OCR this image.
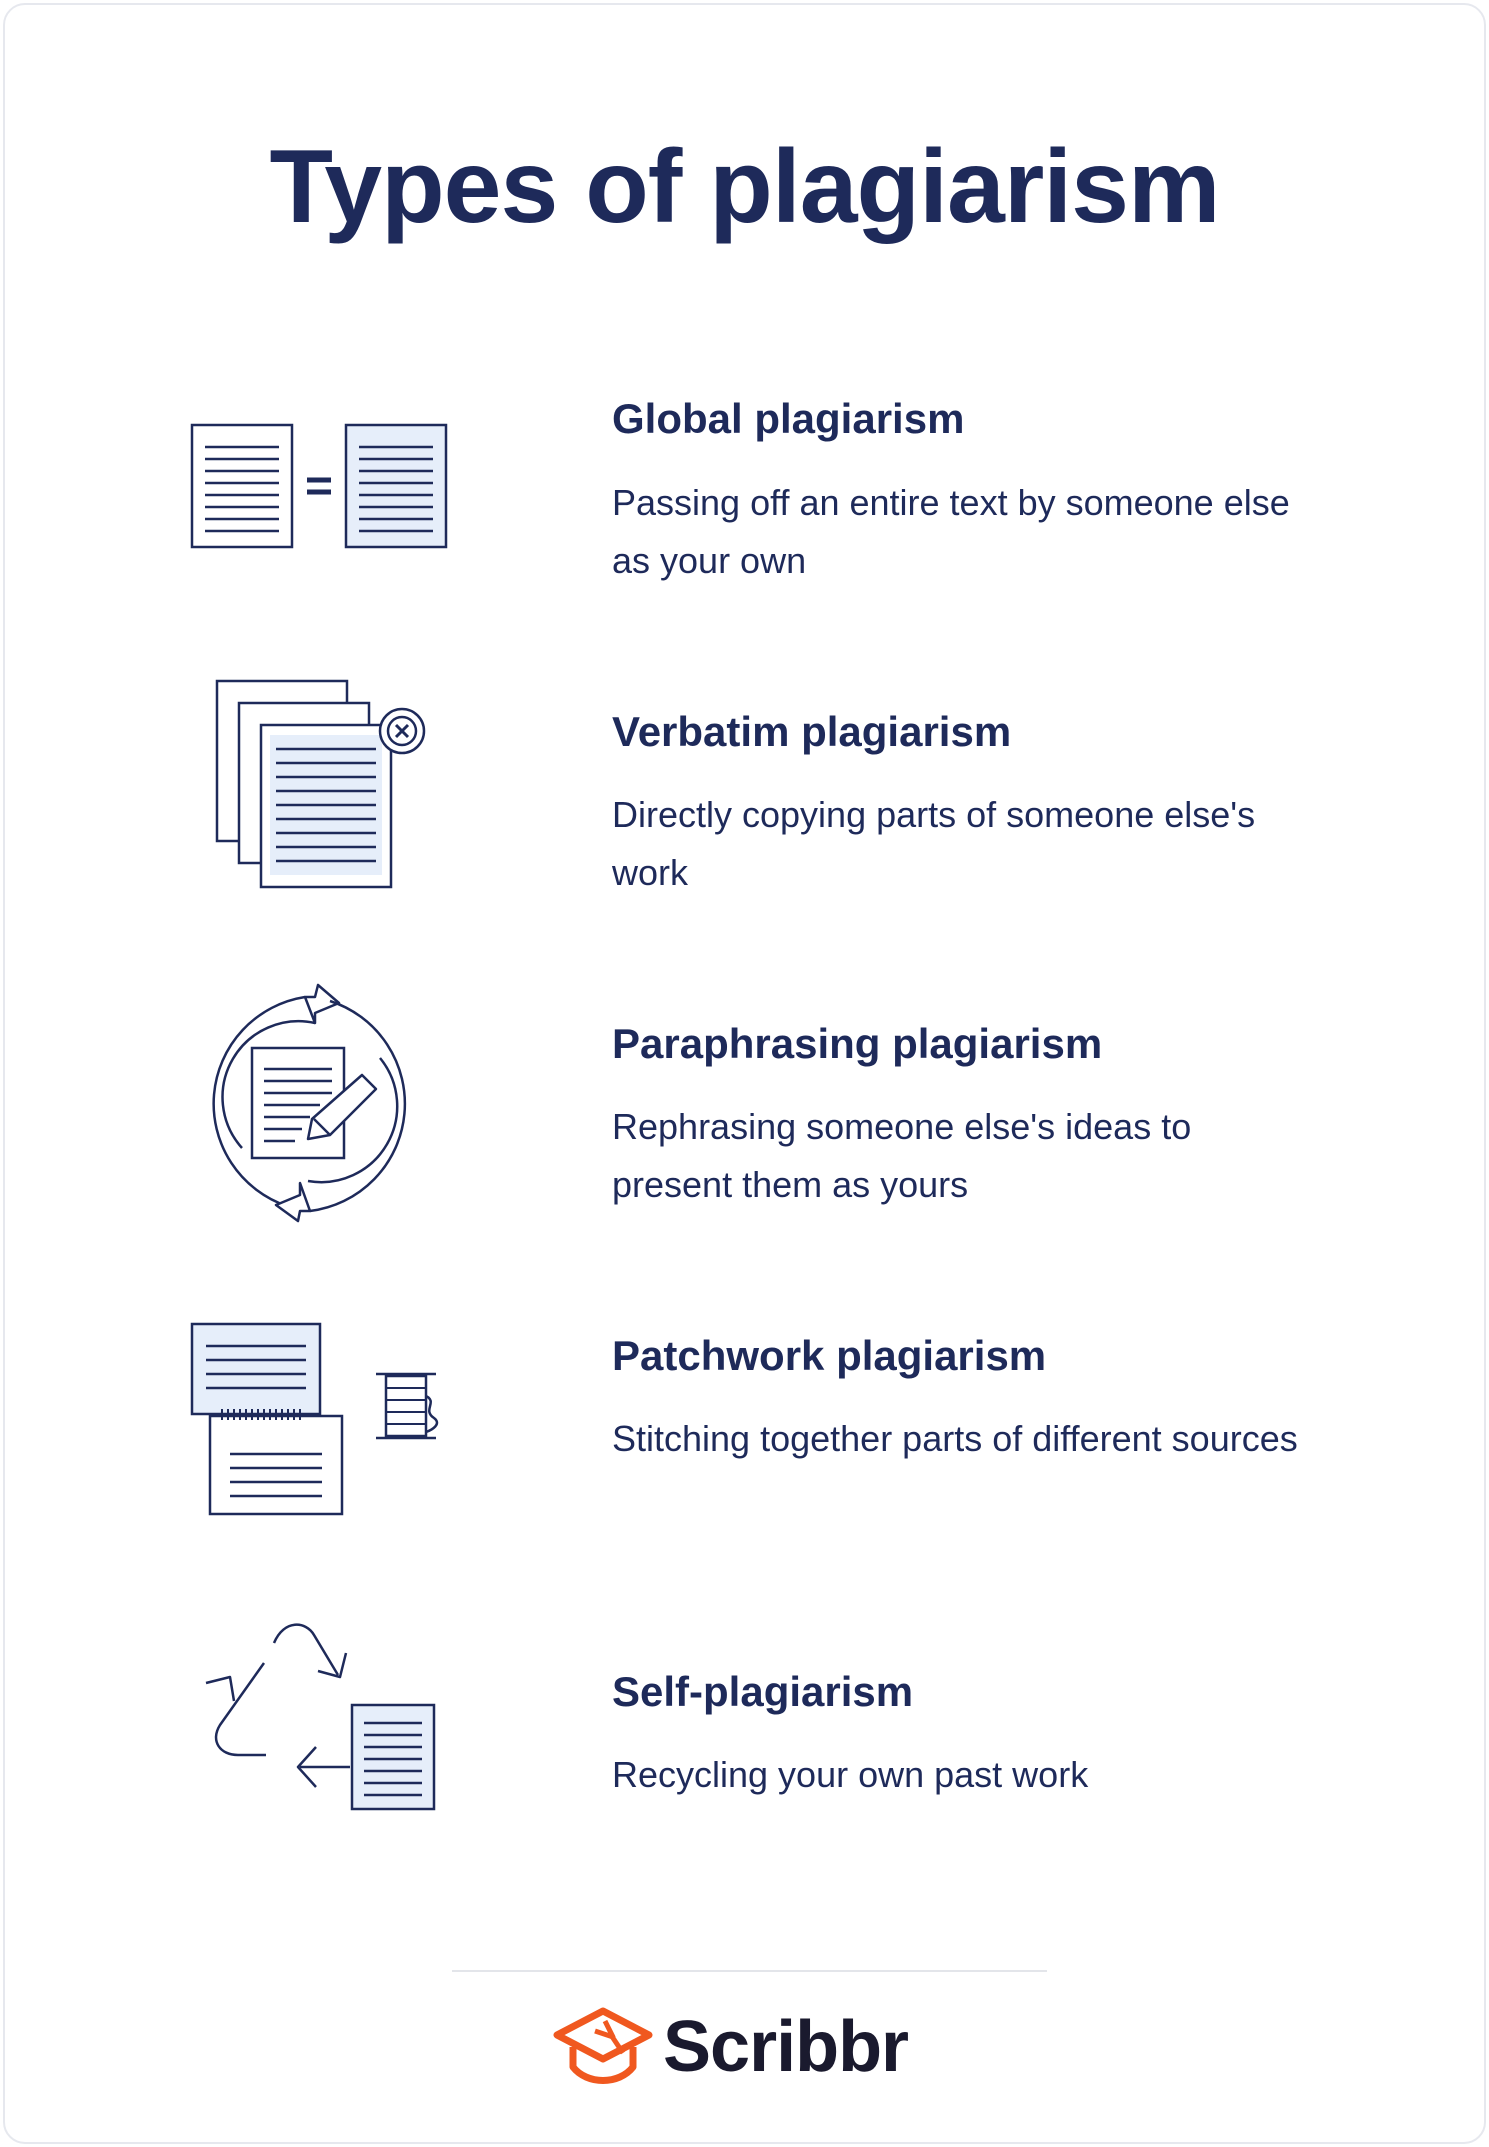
Types of plagiarism
Global plagiarism
Passing off an entire text by someone else as your own
Verbatim plagiarism
Directly copying parts of someone else's work
Paraphrasing plagiarism
Rephrasing someone else's ideas to present them as yours
Patchwork plagiarism
Stitching together parts of different sources
Self-plagiarism
Recycling your own past work
Scribbr
